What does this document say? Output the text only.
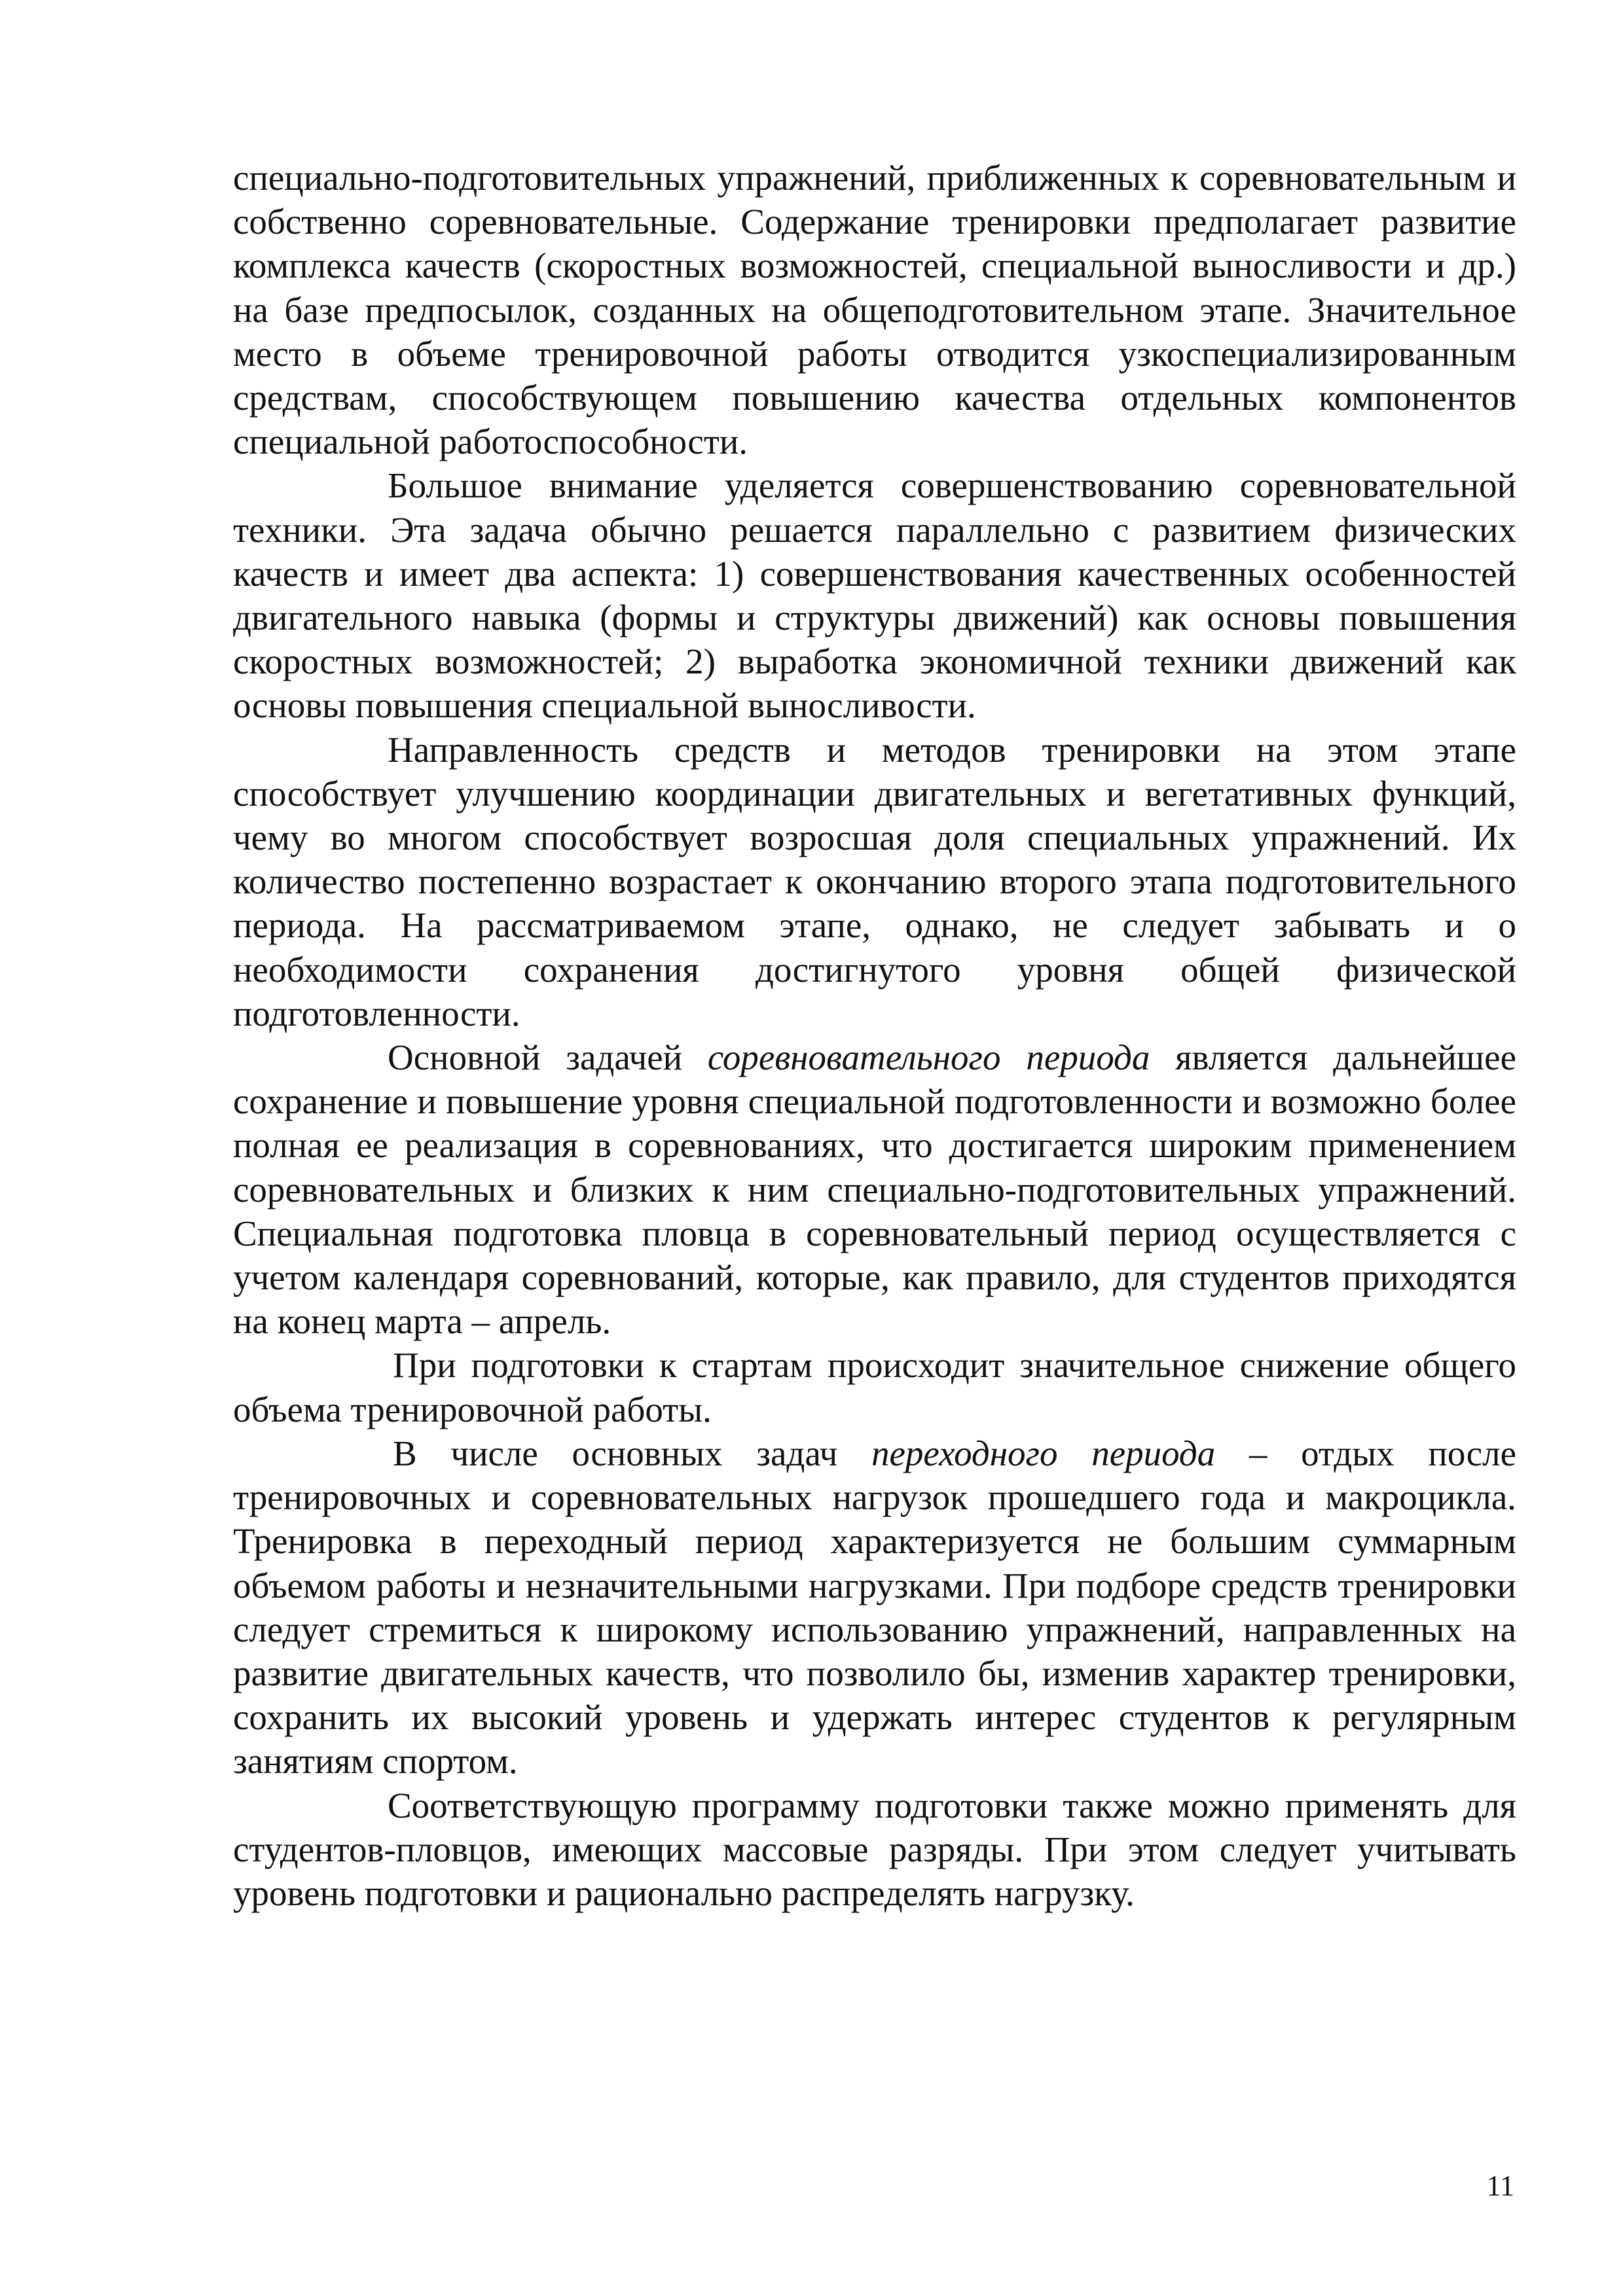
специально-подготовительных упражнений, приближенных к соревновательным и собственно соревновательные. Содержание тренировки предполагает развитие комплекса качеств (скоростных возможностей, специальной выносливости и др.) на базе предпосылок, созданных на общеподготовительном этапе. Значительное место в объеме тренировочной работы отводится узкоспециализированным средствам, способствующем повышению качества отдельных компонентов специальной работоспособности.

Большое внимание уделяется совершенствованию соревновательной техники. Эта задача обычно решается параллельно с развитием физических качеств и имеет два аспекта: 1) совершенствования качественных особенностей двигательного навыка (формы и структуры движений) как основы повышения скоростных возможностей; 2) выработка экономичной техники движений как основы повышения специальной выносливости.

Направленность средств и методов тренировки на этом этапе способствует улучшению координации двигательных и вегетативных функций, чему во многом способствует возросшая доля специальных упражнений. Их количество постепенно возрастает к окончанию второго этапа подготовительного периода. На рассматриваемом этапе, однако, не следует забывать и о необходимости сохранения достигнутого уровня общей физической подготовленности.

Основной задачей соревновательного периода является дальнейшее сохранение и повышение уровня специальной подготовленности и возможно более полная ее реализация в соревнованиях, что достигается широким применением соревновательных и близких к ним специально-подготовительных упражнений. Специальная подготовка пловца в соревновательный период осуществляется с учетом календаря соревнований, которые, как правило, для студентов приходятся на конец марта – апрель.

При подготовки к стартам происходит значительное снижение общего объема тренировочной работы.

В числе основных задач переходного периода – отдых после тренировочных и соревновательных нагрузок прошедшего года и макроцикла. Тренировка в переходный период характеризуется не большим суммарным объемом работы и незначительными нагрузками. При подборе средств тренировки следует стремиться к широкому использованию упражнений, направленных на развитие двигательных качеств, что позволило бы, изменив характер тренировки, сохранить их высокий уровень и удержать интерес студентов к регулярным занятиям спортом.

Соответствующую программу подготовки также можно применять для студентов-пловцов, имеющих массовые разряды. При этом следует учитывать уровень подготовки и рационально распределять нагрузку.

11
